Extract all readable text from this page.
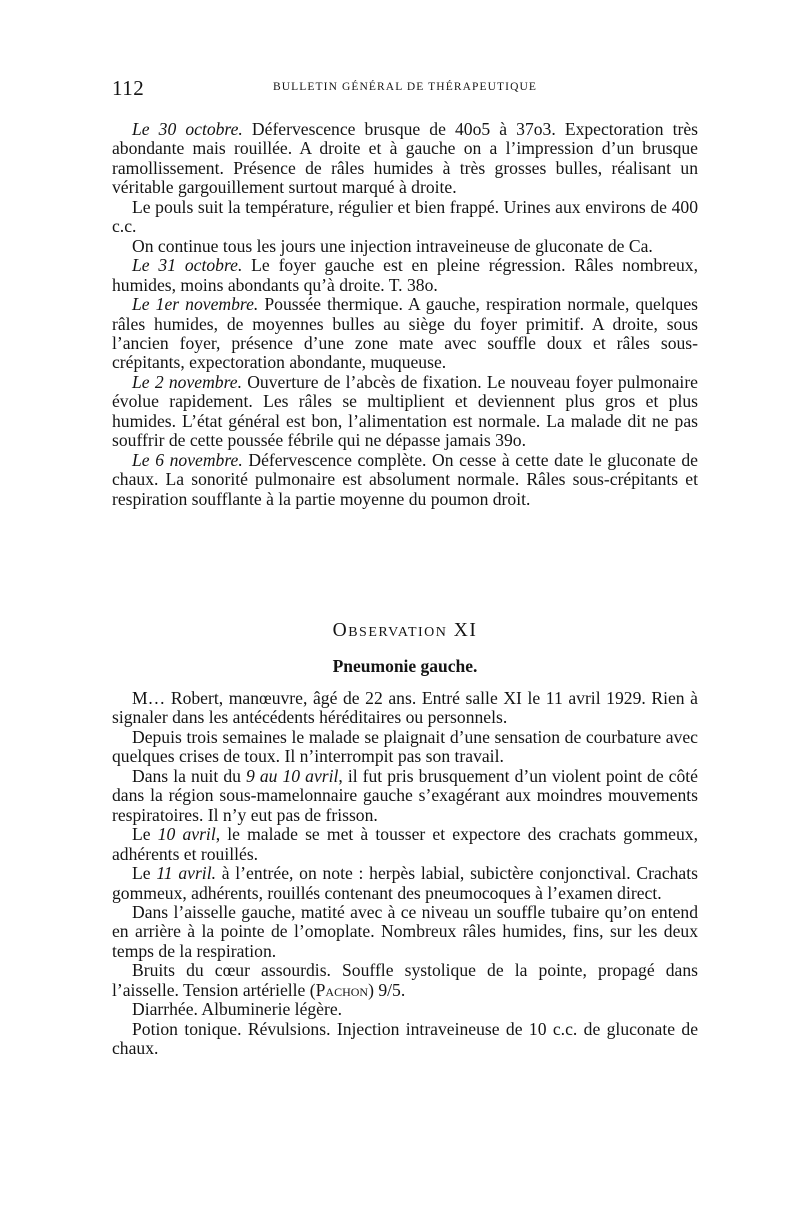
112	BULLETIN GÉNÉRAL DE THÉRAPEUTIQUE

Le 30 octobre. Défervescence brusque de 40o5 à 37o3. Expectoration très abondante mais rouillée. A droite et à gauche on a l’impression d’un brusque ramollissement. Présence de râles humides à très grosses bulles, réalisant un véritable gargouillement surtout marqué à droite.

Le pouls suit la température, régulier et bien frappé. Urines aux environs de 400 c.c.

On continue tous les jours une injection intraveineuse de gluconate de Ca.

Le 31 octobre. Le foyer gauche est en pleine régression. Râles nombreux, humides, moins abondants qu’à droite. T. 38o.

Le 1er novembre. Poussée thermique. A gauche, respiration normale, quelques râles humides, de moyennes bulles au siège du foyer primitif. A droite, sous l’ancien foyer, présence d’une zone mate avec souffle doux et râles sous-crépitants, expectoration abondante, muqueuse.

Le 2 novembre. Ouverture de l’abcès de fixation. Le nouveau foyer pulmonaire évolue rapidement. Les râles se multiplient et deviennent plus gros et plus humides. L’état général est bon, l’alimentation est normale. La malade dit ne pas souffrir de cette poussée fébrile qui ne dépasse jamais 39o.

Le 6 novembre. Défervescence complète. On cesse à cette date le gluconate de chaux. La sonorité pulmonaire est absolument normale. Râles sous-crépitants et respiration soufflante à la partie moyenne du poumon droit.

Observation XI
Pneumonie gauche.

M… Robert, manœuvre, âgé de 22 ans. Entré salle XI le 11 avril 1929. Rien à signaler dans les antécédents héréditaires ou personnels.

Depuis trois semaines le malade se plaignait d’une sensation de courbature avec quelques crises de toux. Il n’interrompit pas son travail.

Dans la nuit du 9 au 10 avril, il fut pris brusquement d’un violent point de côté dans la région sous-mamelonnaire gauche s’exagérant aux moindres mouvements respiratoires. Il n’y eut pas de frisson.

Le 10 avril, le malade se met à tousser et expectore des crachats gommeux, adhérents et rouillés.

Le 11 avril. à l’entrée, on note : herpès labial, subictère conjonctival. Crachats gommeux, adhérents, rouillés contenant des pneumocoques à l’examen direct.

Dans l’aisselle gauche, matité avec à ce niveau un souffle tubaire qu’on entend en arrière à la pointe de l’omoplate. Nombreux râles humides, fins, sur les deux temps de la respiration.

Bruits du cœur assourdis. Souffle systolique de la pointe, propagé dans l’aisselle. Tension artérielle (Pachon) 9/5.

Diarrhée. Albuminerie légère.

Potion tonique. Révulsions. Injection intraveineuse de 10 c.c. de gluconate de chaux.
